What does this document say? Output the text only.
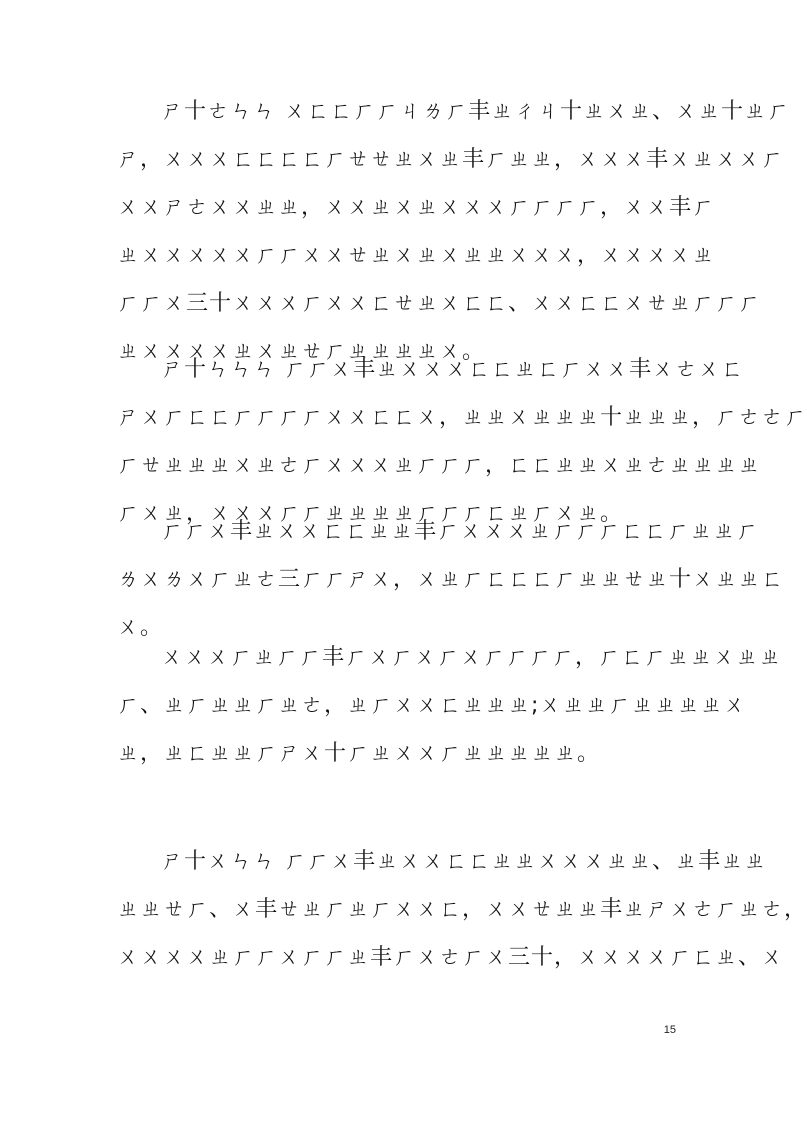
ㄕ十ㄜㄣㄣ ㄨㄈㄈㄏㄏㄐㄌㄏ丰ㄓㄔㄐ十ㄓㄨㄓ、ㄨㄓ十ㄓㄏ
ㄕ，ㄨㄨㄨㄈㄈㄈㄈㄏㄝㄝㄓㄨㄓ丰ㄏㄓㄓ，ㄨㄨㄨ丰ㄨㄓㄨㄨㄏ
ㄨㄨㄕㄜㄨㄨㄓㄓ，ㄨㄨㄓㄨㄓㄨㄨㄨㄏㄏㄏㄏ，ㄨㄨ丰ㄏ
ㄓㄨㄨㄨㄨㄨㄏㄏㄨㄨㄝㄓㄨㄓㄨㄓㄓㄨㄨㄨ，ㄨㄨㄨㄨㄓ
ㄏㄏㄨ三十ㄨㄨㄨㄏㄨㄨㄈㄝㄓㄨㄈㄈ、ㄨㄨㄈㄈㄨㄝㄓㄏㄏㄏ
ㄓㄨㄨㄨㄨㄓㄨㄓㄝㄏㄓㄓㄓㄓㄨ。
ㄕ十ㄣㄣㄣ ㄏㄏㄨ丰ㄓㄨㄨㄨㄈㄈㄓㄈㄏㄨㄨ丰ㄨㄜㄨㄈ
ㄕㄨㄏㄈㄈㄏㄏㄏㄏㄨㄨㄈㄈㄨ，ㄓㄓㄨㄓㄓㄓ十ㄓㄓㄓ，ㄏㄜㄜㄏ
ㄏㄝㄓㄓㄓㄨㄓㄜㄏㄨㄨㄨㄓㄏㄏㄏ，ㄈㄈㄓㄓㄨㄓㄜㄓㄓㄓㄓ
ㄏㄨㄓ，ㄨㄨㄨㄏㄏㄓㄓㄓㄓㄏㄏㄏㄈㄓㄏㄨㄓ。
ㄏㄏㄨ丰ㄓㄨㄨㄈㄈㄓㄓ丰ㄏㄨㄨㄨㄓㄏㄏㄏㄈㄈㄏㄓㄓㄏ
ㄌㄨㄌㄨㄏㄓㄜ三ㄏㄏㄕㄨ，ㄨㄓㄏㄈㄈㄈㄏㄓㄓㄝㄓ十ㄨㄓㄓㄈ
ㄨ。
ㄨㄨㄨㄏㄓㄏㄏ丰ㄏㄨㄏㄨㄏㄨㄏㄏㄏㄏ，ㄏㄈㄏㄓㄓㄨㄓㄓ
ㄏ、ㄓㄏㄓㄓㄏㄓㄜ，ㄓㄏㄨㄨㄈㄓㄓㄓ;ㄨㄓㄓㄏㄓㄓㄓㄓㄨ
ㄓ，ㄓㄈㄓㄓㄏㄕㄨ十ㄏㄓㄨㄨㄏㄓㄓㄓㄓㄓ。
ㄕ十ㄨㄣㄣ ㄏㄏㄨ丰ㄓㄨㄨㄈㄈㄓㄓㄨㄨㄨㄓㄓ、ㄓ丰ㄓㄓ
ㄓㄓㄝㄏ、ㄨ丰ㄝㄓㄏㄓㄏㄨㄨㄈ，ㄨㄨㄝㄓㄓ丰ㄓㄕㄨㄜㄏㄓㄜ，
ㄨㄨㄨㄨㄓㄏㄏㄨㄏㄏㄓ丰ㄏㄨㄜㄏㄨ三十，ㄨㄨㄨㄨㄏㄈㄓ、ㄨ
15
